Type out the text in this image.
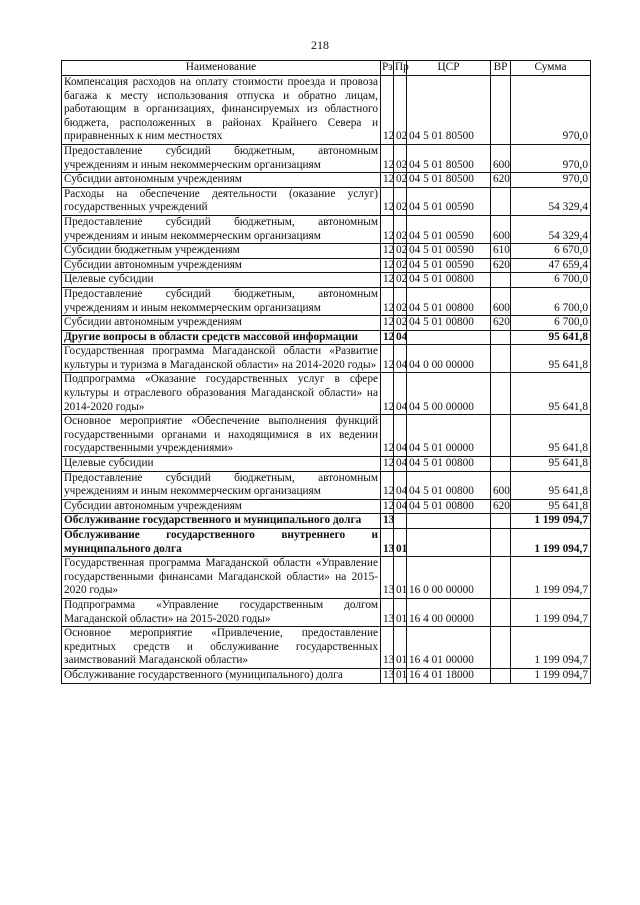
218
Наименование	Рз	Пр	ЦСР	ВР	Сумма
Компенсация расходов на оплату стоимости проезда и провоза багажа к месту использования отпуска и обратно лицам, работающим в организациях, финансируемых из областного бюджета, расположенных в районах Крайнего Севера и приравненных к ним местностях	12	02	04 5 01 80500		970,0
Предоставление субсидий бюджетным, автономным учреждениям и иным некоммерческим организациям	12	02	04 5 01 80500	600	970,0
Субсидии автономным учреждениям	12	02	04 5 01 80500	620	970,0
Расходы на обеспечение деятельности (оказание услуг) государственных учреждений	12	02	04 5 01 00590		54 329,4
Предоставление субсидий бюджетным, автономным учреждениям и иным некоммерческим организациям	12	02	04 5 01 00590	600	54 329,4
Субсидии бюджетным учреждениям	12	02	04 5 01 00590	610	6 670,0
Субсидии автономным учреждениям	12	02	04 5 01 00590	620	47 659,4
Целевые субсидии	12	02	04 5 01 00800		6 700,0
Предоставление субсидий бюджетным, автономным учреждениям и иным некоммерческим организациям	12	02	04 5 01 00800	600	6 700,0
Субсидии автономным учреждениям	12	02	04 5 01 00800	620	6 700,0
Другие вопросы в области средств массовой информации	12	04			95 641,8
Государственная программа Магаданской области «Развитие культуры и туризма в Магаданской области» на 2014-2020 годы»	12	04	04 0 00 00000		95 641,8
Подпрограмма «Оказание государственных услуг в сфере культуры и отраслевого образования Магаданской области» на 2014-2020 годы»	12	04	04 5 00 00000		95 641,8
Основное мероприятие «Обеспечение выполнения функций государственными органами и находящимися в их ведении государственными учреждениями»	12	04	04 5 01 00000		95 641,8
Целевые субсидии	12	04	04 5 01 00800		95 641,8
Предоставление субсидий бюджетным, автономным учреждениям и иным некоммерческим организациям	12	04	04 5 01 00800	600	95 641,8
Субсидии автономным учреждениям	12	04	04 5 01 00800	620	95 641,8
Обслуживание государственного и муниципального долга	13				1 199 094,7
Обслуживание государственного внутреннего и муниципального долга	13	01			1 199 094,7
Государственная программа Магаданской области «Управление государственными финансами Магаданской области» на 2015-2020 годы»	13	01	16 0 00 00000		1 199 094,7
Подпрограмма «Управление государственным долгом Магаданской области» на 2015-2020 годы»	13	01	16 4 00 00000		1 199 094,7
Основное мероприятие «Привлечение, предоставление кредитных средств и обслуживание государственных заимствований Магаданской области»	13	01	16 4 01 00000		1 199 094,7
Обслуживание государственного (муниципального) долга	13	01	16 4 01 18000		1 199 094,7
